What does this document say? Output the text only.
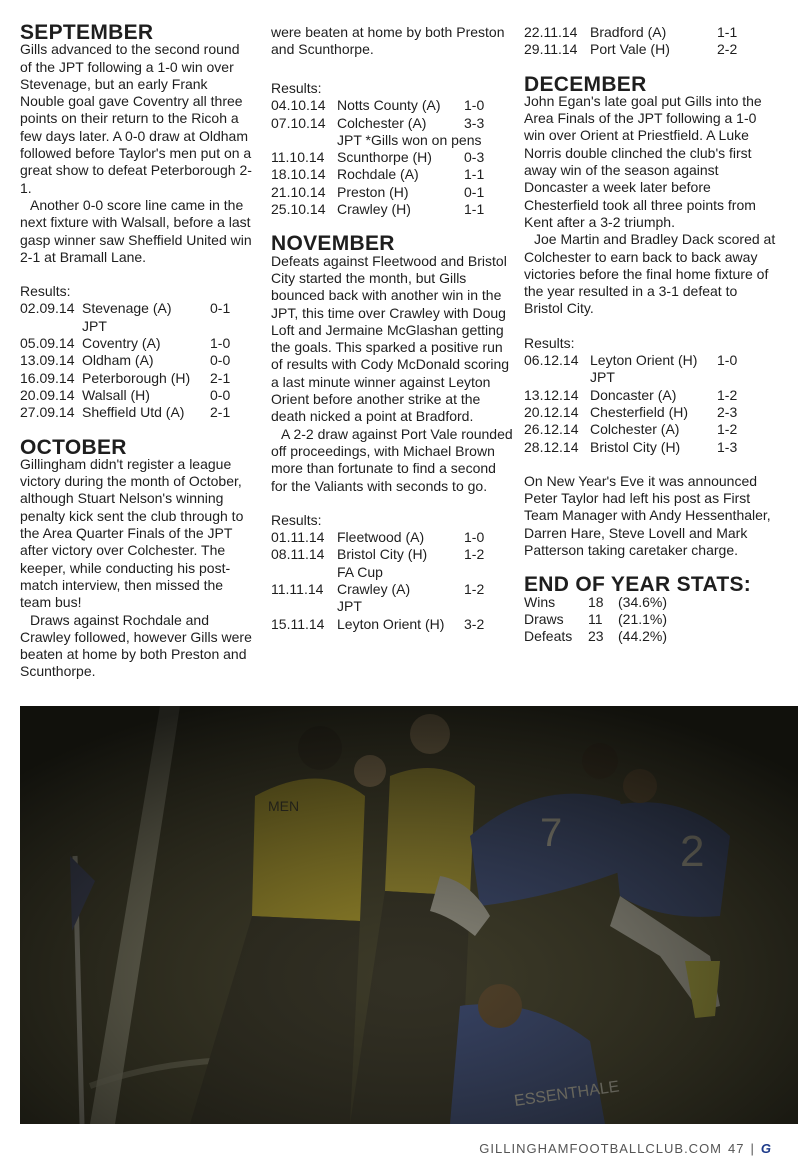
SEPTEMBER

Gills advanced to the second round of the JPT following a 1-0 win over Stevenage, but an early Frank Nouble goal gave Coventry all three points on their return to the Ricoh a few days later. A 0-0 draw at Oldham followed before Taylor's men put on a great show to defeat Peterborough 2-1.

Another 0-0 score line came in the next fixture with Walsall, before a last gasp winner saw Sheffield United win 2-1 at Bramall Lane.

Results:

02.09.14 Stevenage (A)	0-1
JPT
05.09.14 Coventry (A)	1-0
13.09.14 Oldham (A)	0-0
16.09.14 Peterborough (H)	2-1
20.09.14 Walsall (H)	0-0
27.09.14 Sheffield Utd (A)	2-1
OCTOBER

Gillingham didn't register a league victory during the month of October, although Stuart Nelson's winning penalty kick sent the club through to the Area Quarter Finals of the JPT after victory over Colchester. The keeper, while conducting his post-match interview, then missed the team bus!

Draws against Rochdale and Crawley followed, however Gills were beaten at home by both Preston and Scunthorpe.

Results:

04.10.14 Notts County (A)	1-0
07.10.14 Colchester (A)	3-3
JPT *Gills won on pens
11.10.14 Scunthorpe (H)	0-3
18.10.14 Rochdale (A)	1-1
21.10.14 Preston (H)	0-1
25.10.14 Crawley (H)	1-1
NOVEMBER

Defeats against Fleetwood and Bristol City started the month, but Gills bounced back with another win in the JPT, this time over Crawley with Doug Loft and Jermaine McGlashan getting the goals. This sparked a positive run of results with Cody McDonald scoring a last minute winner against Leyton Orient before another strike at the death nicked a point at Bradford.

A 2-2 draw against Port Vale rounded off proceedings, with Michael Brown more than fortunate to find a second for the Valiants with seconds to go.

Results:

01.11.14 Fleetwood (A)	1-0
08.11.14 Bristol City (H)	1-2
FA Cup
11.11.14 Crawley (A)	1-2
JPT
15.11.14 Leyton Orient (H)	3-2

were beaten at home by both Preston and Scunthorpe.

22.11.14 Bradford (A)	1-1
29.11.14 Port Vale (H)	2-2
DECEMBER

John Egan's late goal put Gills into the Area Finals of the JPT following a 1-0 win over Orient at Priestfield. A Luke Norris double clinched the club's first away win of the season against Doncaster a week later before Chesterfield took all three points from Kent after a 3-2 triumph.

Joe Martin and Bradley Dack scored at Colchester to earn back to back away victories before the final home fixture of the year resulted in a 3-1 defeat to Bristol City.

Results:

06.12.14 Leyton Orient (H)	1-0
JPT
13.12.14 Doncaster (A)	1-2
20.12.14 Chesterfield (H)	2-3
26.12.14 Colchester (A)	1-2
28.12.14 Bristol City (H)	1-3

On New Year's Eve it was announced Peter Taylor had left his post as First Team Manager with Andy Hessenthaler, Darren Hare, Steve Lovell and Mark Patterson taking caretaker charge.

END OF YEAR STATS:
Wins	18	(34.6%)
Draws	11	(21.1%)
Defeats	23	(44.2%)
GILLINGHAMFOOTBALLCLUB.COM 47 | G
